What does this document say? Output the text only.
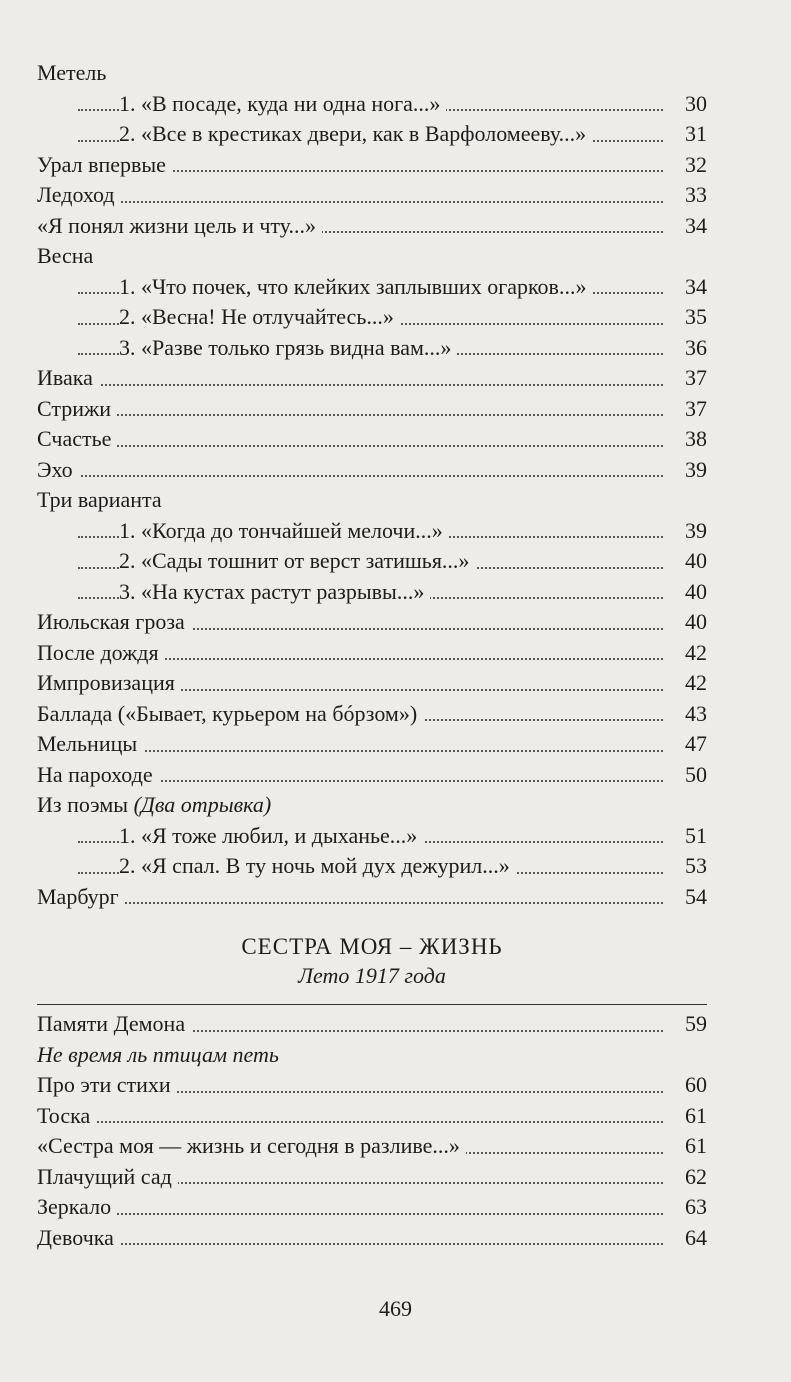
Метель
1. «В посаде, куда ни одна нога...»	30
2. «Все в крестиках двери, как в Варфоломееву...»	31
Урал впервые	32
Ледоход	33
«Я понял жизни цель и чту...»	34
Весна
1. «Что почек, что клейких заплывших огарков...»	34
2. «Весна! Не отлучайтесь...»	35
3. «Разве только грязь видна вам...»	36
Ивака	37
Стрижи	37
Счастье	38
Эхо	39
Три варианта
1. «Когда до тончайшей мелочи...»	39
2. «Сады тошнит от верст затишья...»	40
3. «На кустах растут разрывы...»	40
Июльская гроза	40
После дождя	42
Импровизация	42
Баллада («Бывает, курьером на бóрзом»)	43
Мельницы	47
На пароходе	50
Из поэмы (Два отрывка)
1. «Я тоже любил, и дыханье...»	51
2. «Я спал. В ту ночь мой дух дежурил...»	53
Марбург	54
СЕСТРА МОЯ – ЖИЗНЬ
Лето 1917 года
Памяти Демона	59
Не время ль птицам петь
Про эти стихи	60
Тоска	61
«Сестра моя — жизнь и сегодня в разливе...»	61
Плачущий сад	62
Зеркало	63
Девочка	64
469
